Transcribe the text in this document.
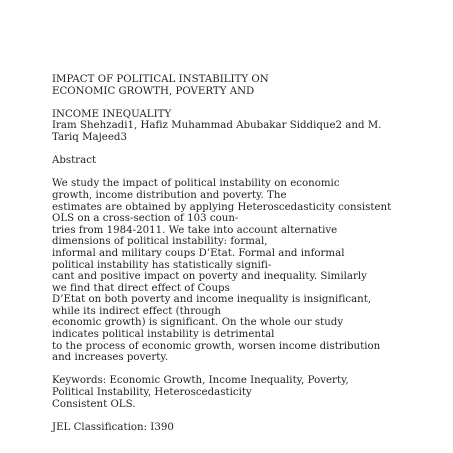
IMPACT OF POLITICAL INSTABILITY ON
ECONOMIC GROWTH, POVERTY AND
INCOME INEQUALITY
Iram Shehzadi1, Hafiz Muhammad Abubakar Siddique2 and M.
Tariq Majeed3
Abstract
We study the impact of political instability on economic
growth, income distribution and poverty. The
estimates are obtained by applying Heteroscedasticity consistent
OLS on a cross-section of 103 coun-
tries from 1984-2011. We take into account alternative
dimensions of political instability: formal,
informal and military coups D’Etat. Formal and informal
political instability has statistically signifi-
cant and positive impact on poverty and inequality. Similarly
we find that direct effect of Coups
D’Etat on both poverty and income inequality is insignificant,
while its indirect effect (through
economic growth) is significant. On the whole our study
indicates political instability is detrimental
to the process of economic growth, worsen income distribution
and increases poverty.
Keywords: Economic Growth, Income Inequality, Poverty,
Political Instability, Heteroscedasticity
Consistent OLS.
JEL Classification: I390
